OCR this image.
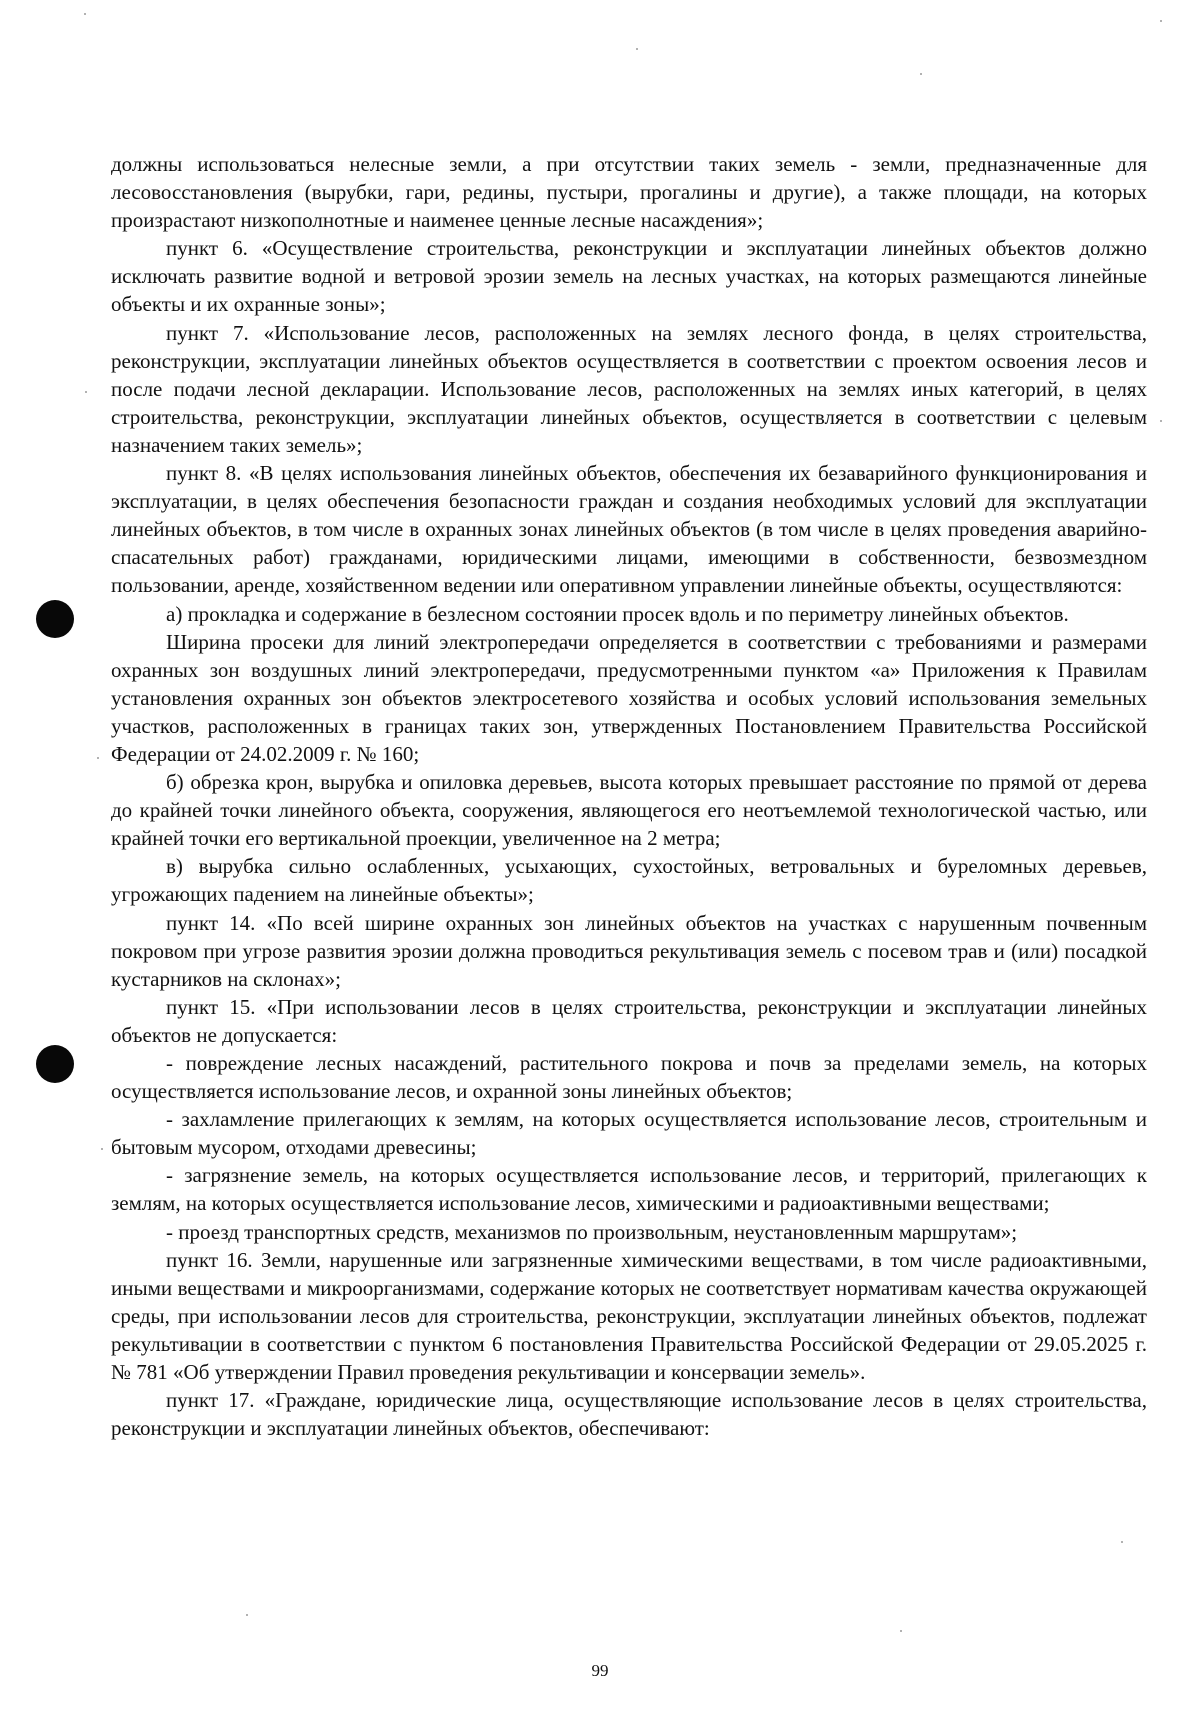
должны использоваться нелесные земли, а при отсутствии таких земель - земли, предназначенные для лесовосстановления (вырубки, гари, редины, пустыри, прогалины и другие), а также площади, на которых произрастают низкополнотные и наименее ценные лесные насаждения»;

пункт 6. «Осуществление строительства, реконструкции и эксплуатации линейных объектов должно исключать развитие водной и ветровой эрозии земель на лесных участках, на которых размещаются линейные объекты и их охранные зоны»;

пункт 7. «Использование лесов, расположенных на землях лесного фонда, в целях строительства, реконструкции, эксплуатации линейных объектов осуществляется в соответствии с проектом освоения лесов и после подачи лесной декларации. Использование лесов, расположенных на землях иных категорий, в целях строительства, реконструкции, эксплуатации линейных объектов, осуществляется в соответствии с целевым назначением таких земель»;

пункт 8. «В целях использования линейных объектов, обеспечения их безаварийного функционирования и эксплуатации, в целях обеспечения безопасности граждан и создания необходимых условий для эксплуатации линейных объектов, в том числе в охранных зонах линейных объектов (в том числе в целях проведения аварийно-спасательных работ) гражданами, юридическими лицами, имеющими в собственности, безвозмездном пользовании, аренде, хозяйственном ведении или оперативном управлении линейные объекты, осуществляются:

а) прокладка и содержание в безлесном состоянии просек вдоль и по периметру линейных объектов.

Ширина просеки для линий электропередачи определяется в соответствии с требованиями и размерами охранных зон воздушных линий электропередачи, предусмотренными пунктом «а» Приложения к Правилам установления охранных зон объектов электросетевого хозяйства и особых условий использования земельных участков, расположенных в границах таких зон, утвержденных Постановлением Правительства Российской Федерации от 24.02.2009 г. № 160;

б) обрезка крон, вырубка и опиловка деревьев, высота которых превышает расстояние по прямой от дерева до крайней точки линейного объекта, сооружения, являющегося его неотъемлемой технологической частью, или крайней точки его вертикальной проекции, увеличенное на 2 метра;

в) вырубка сильно ослабленных, усыхающих, сухостойных, ветровальных и буреломных деревьев, угрожающих падением на линейные объекты»;

пункт 14. «По всей ширине охранных зон линейных объектов на участках с нарушенным почвенным покровом при угрозе развития эрозии должна проводиться рекультивация земель с посевом трав и (или) посадкой кустарников на склонах»;

пункт 15. «При использовании лесов в целях строительства, реконструкции и эксплуатации линейных объектов не допускается:

- повреждение лесных насаждений, растительного покрова и почв за пределами земель, на которых осуществляется использование лесов, и охранной зоны линейных объектов;

- захламление прилегающих к землям, на которых осуществляется использование лесов, строительным и бытовым мусором, отходами древесины;

- загрязнение земель, на которых осуществляется использование лесов, и территорий, прилегающих к землям, на которых осуществляется использование лесов, химическими и радиоактивными веществами;

- проезд транспортных средств, механизмов по произвольным, неустановленным маршрутам»;

пункт 16. Земли, нарушенные или загрязненные химическими веществами, в том числе радиоактивными, иными веществами и микроорганизмами, содержание которых не соответствует нормативам качества окружающей среды, при использовании лесов для строительства, реконструкции, эксплуатации линейных объектов, подлежат рекультивации в соответствии с пунктом 6 постановления Правительства Российской Федерации от 29.05.2025 г. № 781 «Об утверждении Правил проведения рекультивации и консервации земель».

пункт 17. «Граждане, юридические лица, осуществляющие использование лесов в целях строительства, реконструкции и эксплуатации линейных объектов, обеспечивают:

99
